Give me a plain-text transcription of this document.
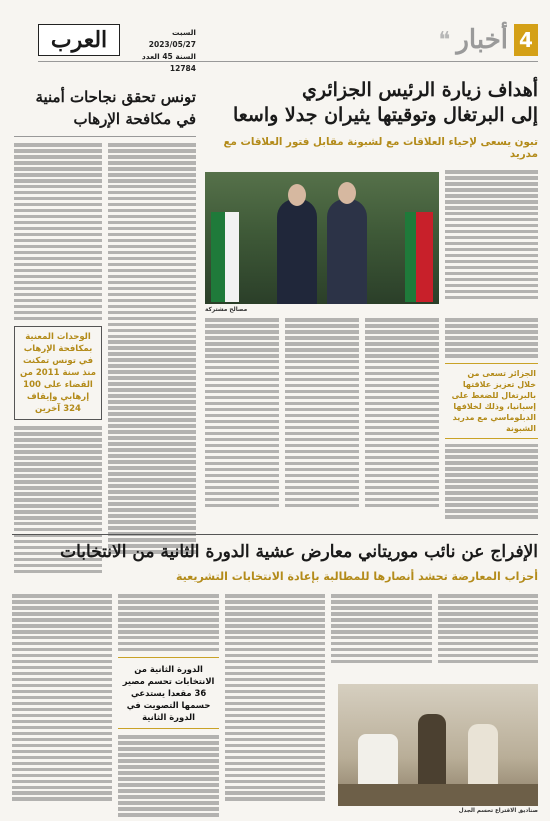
العرب	السبت 2023/05/27
السنة 45 العدد 12784
❝ أخبار 4
أهداف زيارة الرئيس الجزائري
إلى البرتغال وتوقيتها يثيران جدلا واسعا
تبون يسعى لإحياء العلاقات مع لشبونة مقابل فتور العلاقات مع مدريد
تونس تحقق نجاحات أمنية في مكافحة الإرهاب
الوحدات المعنية بمكافحة الإرهاب في تونس تمكنت منذ سنة 2011 من القضاء على 100 إرهابي وإيقاف 324 آخرين
مصالح مشتركة
الجزائر تسعى من خلال تعزيز علاقتها بالبرتغال للضغط على إسبانيا، وذلك لخلافها الدبلوماسي مع مدريد الشبونة
الإفراج عن نائب موريتاني معارض عشية الدورة الثانية من الانتخابات
أحزاب المعارضة تحشد أنصارها للمطالبة بإعادة الانتخابات التشريعية
الدورة الثانية من الانتخابات تحسم مصير 36 مقعدا يستدعي حسمها التصويت في الدورة الثانية
صناديق الاقتراع تحسم الجدل
